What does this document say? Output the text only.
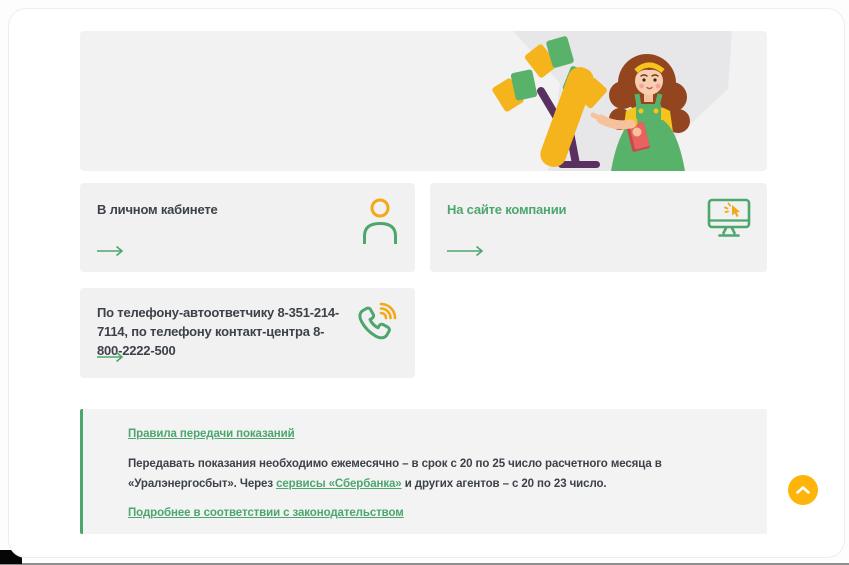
В личном кабинете	На сайте компании
По телефону-автоответчику 8-351-214-7114, по телефону контакт-центра 8-800-2222-500
Правила передачи показаний

Передавать показания необходимо ежемесячно – в срок с 20 по 25 число расчетного месяца в «Уралэнергосбыт». Через сервисы «Сбербанка» и других агентов – с 20 по 23 число.

Подробнее в соответствии с законодательством
